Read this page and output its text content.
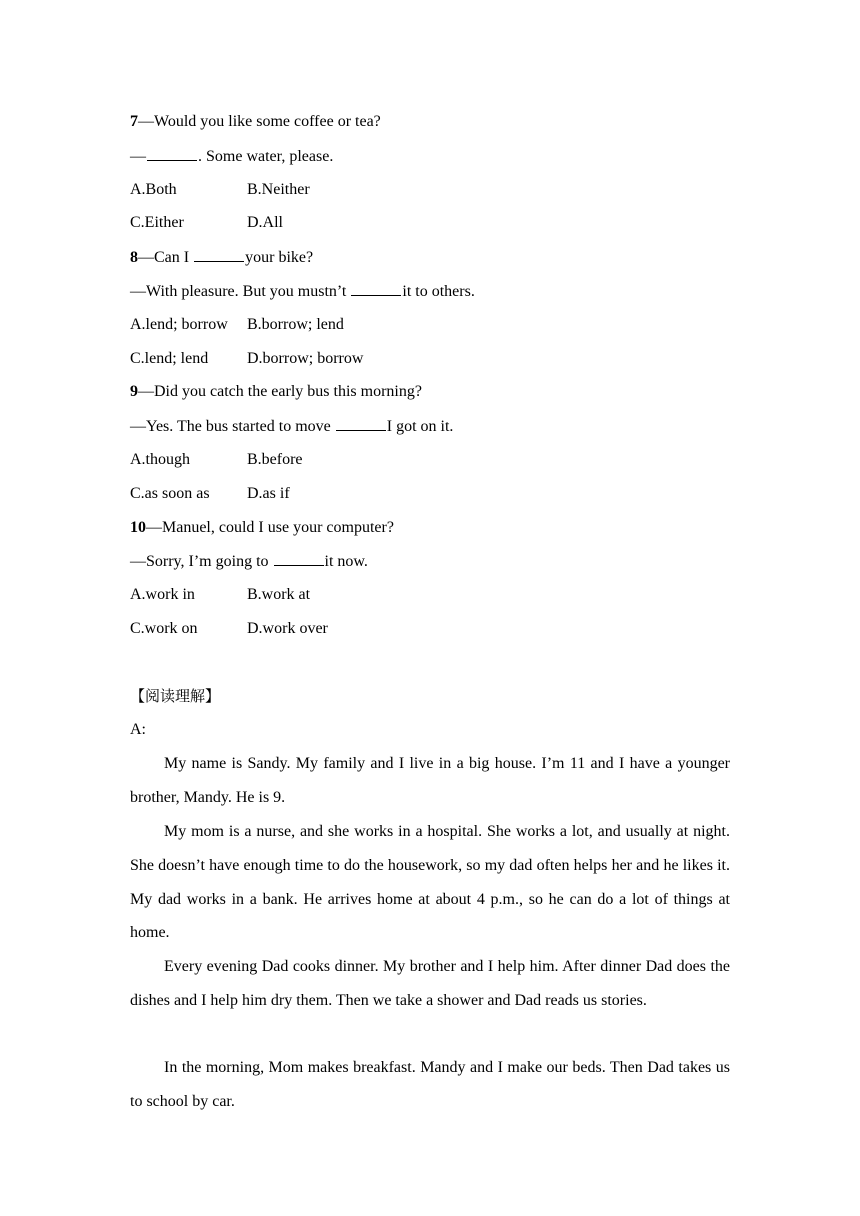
7—Would you like some coffee or tea?
—	. Some water, please.
A.Both	B.Neither
C.Either	D.All
8—Can I	your bike?
—With pleasure. But you mustn’t	it to others.
A.lend; borrow B.borrow; lend
C.lend; lend D.borrow; borrow
9—Did you catch the early bus this morning?
—Yes. The bus started to move	I got on it.
A.though	B.before
C.as soon as D.as if
10—Manuel, could I use your computer?
—Sorry, I’m going to	it now.
A.work in	B.work at
C.work on	D.work over
【阅读理解】
A:

My name is Sandy. My family and I live in a big house. I’m 11 and I have a younger brother, Mandy. He is 9.

My mom is a nurse, and she works in a hospital. She works a lot, and usually at night. She doesn’t have enough time to do the housework, so my dad often helps her and he likes it. My dad works in a bank. He arrives home at about 4 p.m., so he can do a lot of things at home.

Every evening Dad cooks dinner. My brother and I help him. After dinner Dad does the dishes and I help him dry them. Then we take a shower and Dad reads us stories.

In the morning, Mom makes breakfast. Mandy and I make our beds. Then Dad takes us to school by car.
